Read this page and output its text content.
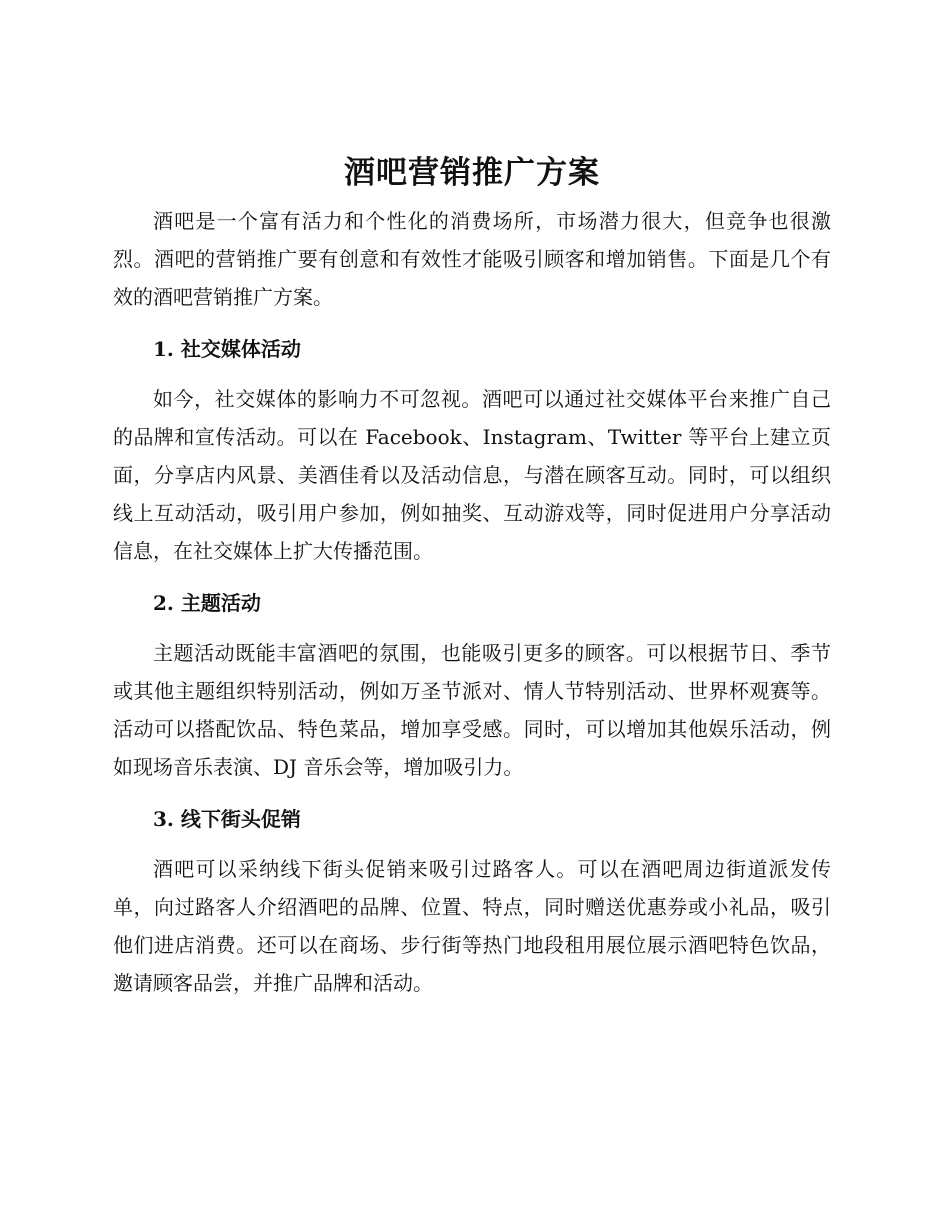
酒吧营销推广方案

酒吧是一个富有活力和个性化的消费场所，市场潜力很大，但竞争也很激烈。酒吧的营销推广要有创意和有效性才能吸引顾客和增加销售。下面是几个有效的酒吧营销推广方案。

1. 社交媒体活动

如今，社交媒体的影响力不可忽视。酒吧可以通过社交媒体平台来推广自己的品牌和宣传活动。可以在 Facebook、Instagram、Twitter 等平台上建立页面，分享店内风景、美酒佳肴以及活动信息，与潜在顾客互动。同时，可以组织线上互动活动，吸引用户参加，例如抽奖、互动游戏等，同时促进用户分享活动信息，在社交媒体上扩大传播范围。

2. 主题活动

主题活动既能丰富酒吧的氛围，也能吸引更多的顾客。可以根据节日、季节或其他主题组织特别活动，例如万圣节派对、情人节特别活动、世界杯观赛等。活动可以搭配饮品、特色菜品，增加享受感。同时，可以增加其他娱乐活动，例如现场音乐表演、DJ 音乐会等，增加吸引力。

3. 线下街头促销

酒吧可以采纳线下街头促销来吸引过路客人。可以在酒吧周边街道派发传单，向过路客人介绍酒吧的品牌、位置、特点，同时赠送优惠券或小礼品，吸引他们进店消费。还可以在商场、步行街等热门地段租用展位展示酒吧特色饮品，邀请顾客品尝，并推广品牌和活动。
